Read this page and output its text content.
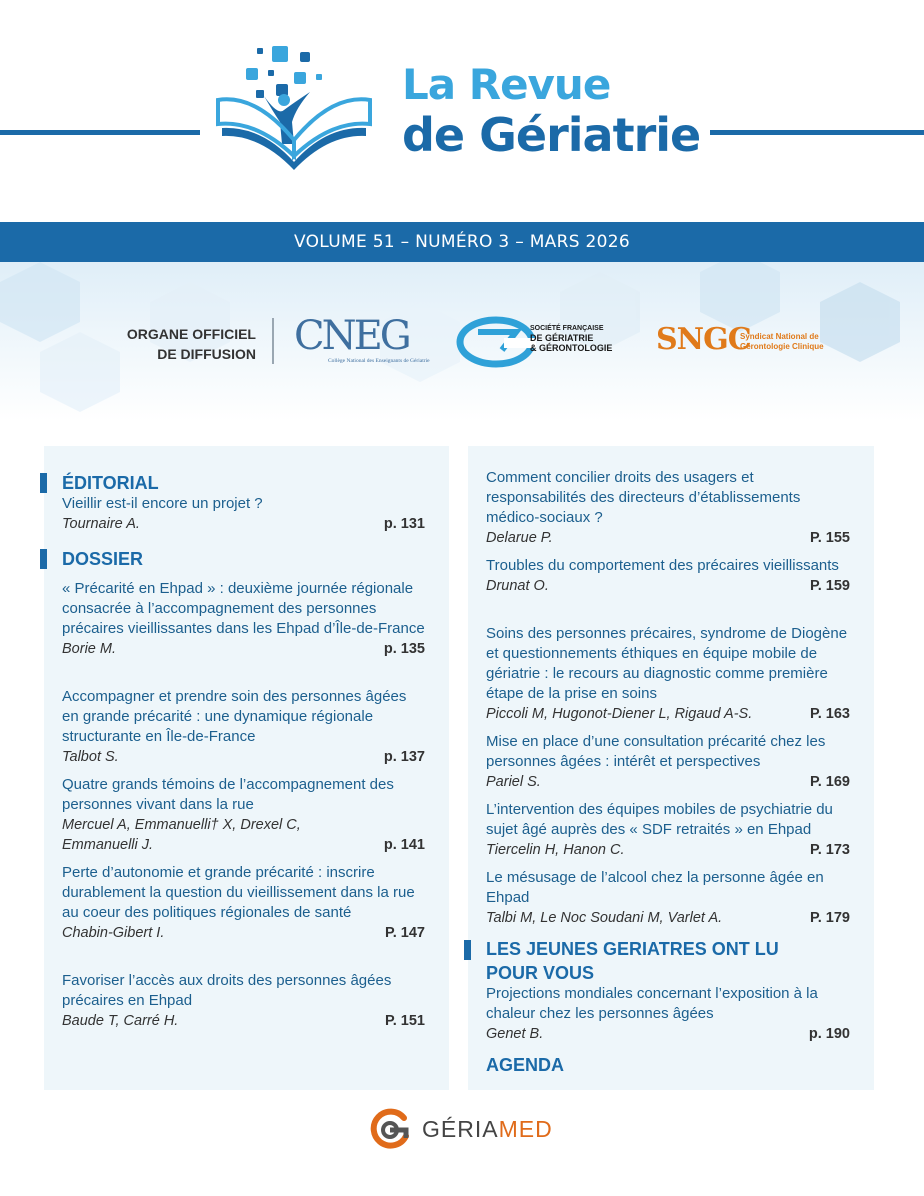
La Revue
de Gériatrie
VOLUME 51 – NUMÉRO 3 – MARS 2026
ORGANE OFFICIEL
DE DIFFUSION CNEG
Collège National des Enseignants de Gériatrie
SOCIÉTÉ FRANÇAISE
DE GÉRIATRIE
& GÉRONTOLOGIE SNGC
Syndicat National de
Gérontologie Clinique
ÉDITORIAL
Vieillir est-il encore un projet ?
Tournaire A.	p. 131
DOSSIER
« Précarité en Ehpad » : deuxième journée régionale consacrée à l’accompagnement des personnes précaires vieillissantes dans les Ehpad d’Île-de-France
Borie M.	p. 135
Accompagner et prendre soin des personnes âgées en grande précarité : une dynamique régionale structurante en Île-de-France
Talbot S.	p. 137
Quatre grands témoins de l’accompagnement des personnes vivant dans la rue
Mercuel A, Emmanuelli† X, Drexel C, Emmanuelli J.	p. 141
Perte d’autonomie et grande précarité : inscrire durablement la question du vieillissement dans la rue au coeur des politiques régionales de santé
Chabin-Gibert I.	P. 147
Favoriser l’accès aux droits des personnes âgées précaires en Ehpad
Baude T, Carré H.	P. 151
Comment concilier droits des usagers et responsabilités des directeurs d’établissements médico-sociaux ?
Delarue P.	P. 155
Troubles du comportement des précaires vieillissants
Drunat O.	P. 159
Soins des personnes précaires, syndrome de Diogène et questionnements éthiques en équipe mobile de gériatrie : le recours au diagnostic comme première étape de la prise en soins
Piccoli M, Hugonot-Diener L, Rigaud A-S.	P. 163
Mise en place d’une consultation précarité chez les personnes âgées : intérêt et perspectives
Pariel S.	P. 169
L’intervention des équipes mobiles de psychiatrie du sujet âgé auprès des « SDF retraités » en Ehpad
Tiercelin H, Hanon C.	P. 173
Le mésusage de l’alcool chez la personne âgée en Ehpad
Talbi M, Le Noc Soudani M, Varlet A.	P. 179
LES JEUNES GERIATRES ONT LU
POUR VOUS
Projections mondiales concernant l’exposition à la chaleur chez les personnes âgées
Genet B.	p. 190
AGENDA
GÉRIAMED
